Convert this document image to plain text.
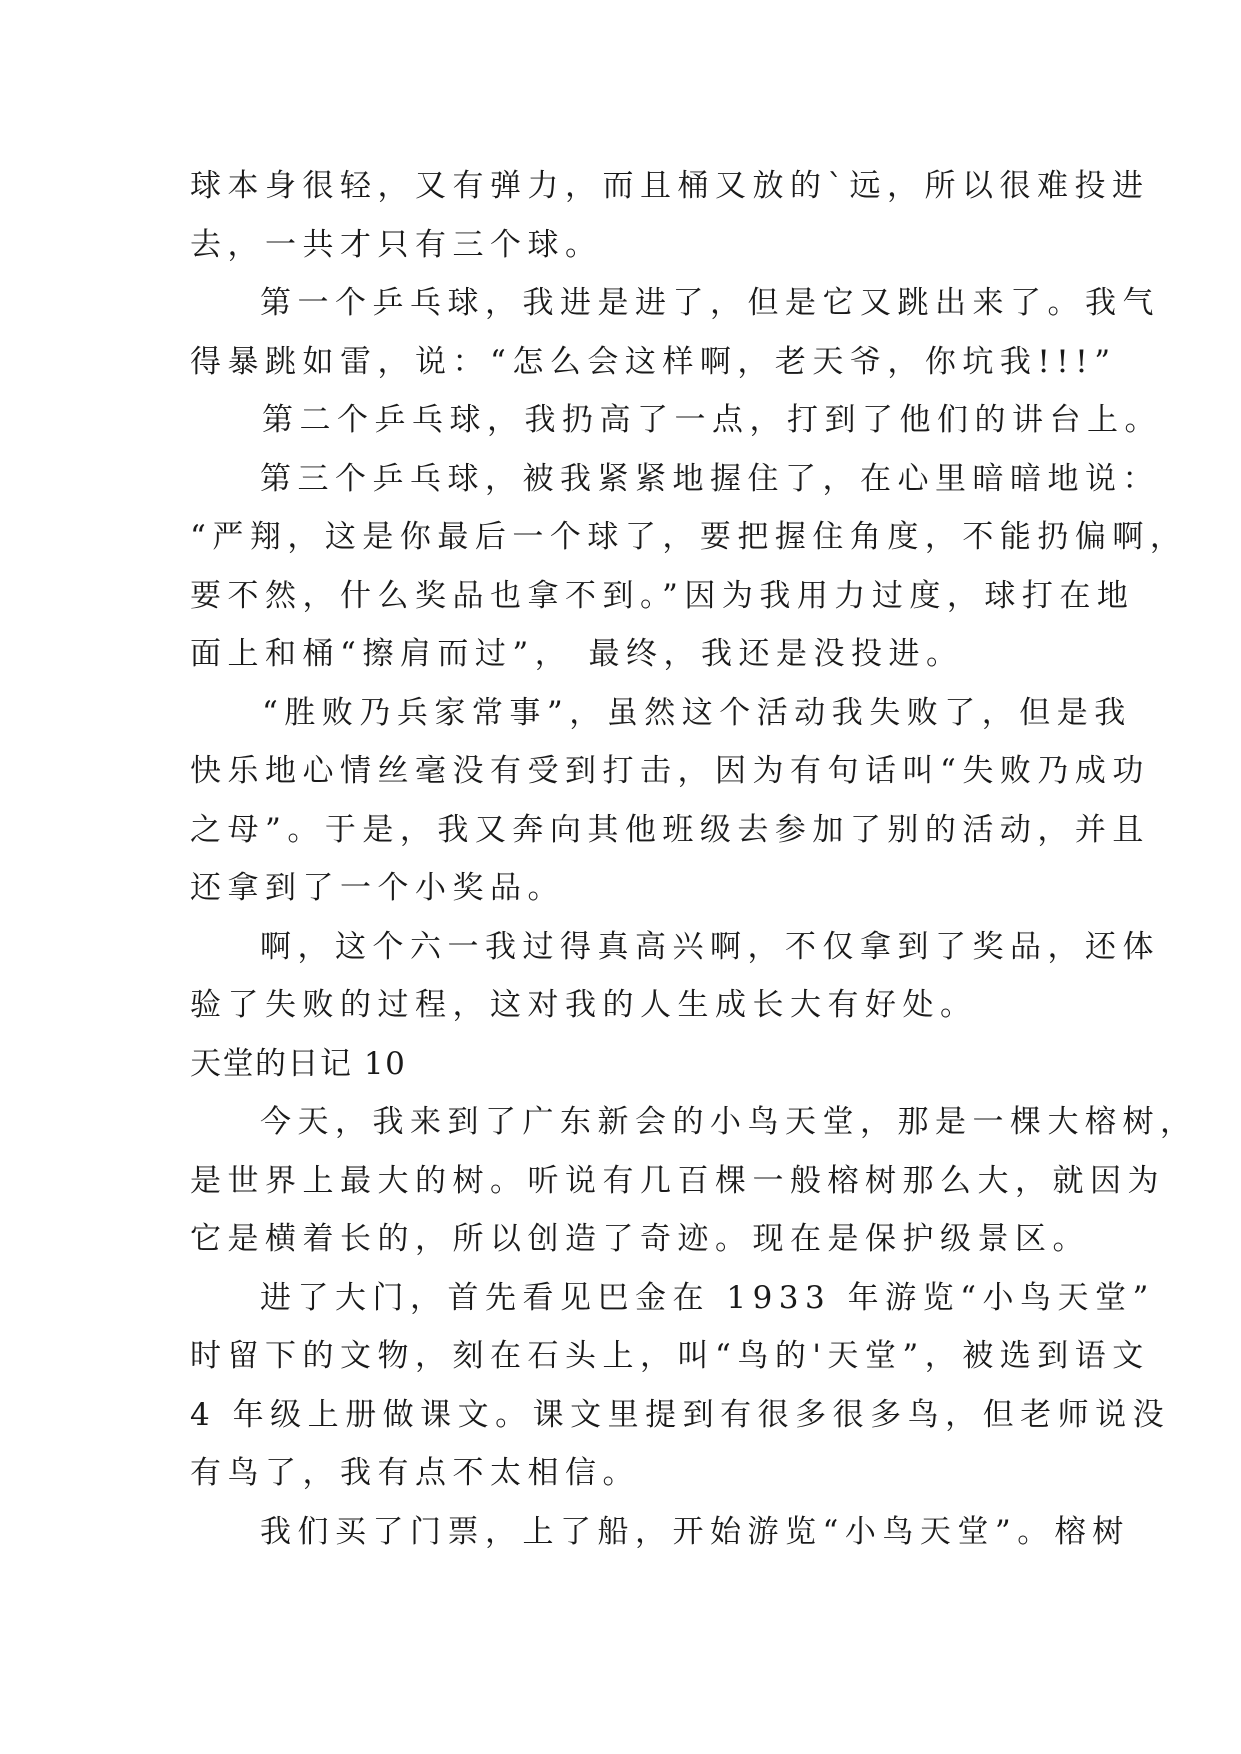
球本身很轻，又有弹力，而且桶又放的`远，所以很难投进
去，一共才只有三个球。
第一个乒乓球，我进是进了，但是它又跳出来了。我气
得暴跳如雷，说：“怎么会这样啊，老天爷，你坑我!!!”
第二个乒乓球，我扔高了一点，打到了他们的讲台上。
第三个乒乓球，被我紧紧地握住了，在心里暗暗地说：
“严翔，这是你最后一个球了，要把握住角度，不能扔偏啊，
要不然，什么奖品也拿不到。”因为我用力过度，球打在地
面上和桶“擦肩而过”， 最终，我还是没投进。
“胜败乃兵家常事”，虽然这个活动我失败了，但是我
快乐地心情丝毫没有受到打击，因为有句话叫“失败乃成功
之母”。于是，我又奔向其他班级去参加了别的活动，并且
还拿到了一个小奖品。
啊，这个六一我过得真高兴啊，不仅拿到了奖品，还体
验了失败的过程，这对我的人生成长大有好处。
天堂的日记 10
今天，我来到了广东新会的小鸟天堂，那是一棵大榕树，
是世界上最大的树。听说有几百棵一般榕树那么大，就因为
它是横着长的，所以创造了奇迹。现在是保护级景区。
进了大门，首先看见巴金在 1933 年游览“小鸟天堂”
时留下的文物，刻在石头上，叫“鸟的'天堂”，被选到语文
4 年级上册做课文。课文里提到有很多很多鸟，但老师说没
有鸟了，我有点不太相信。
我们买了门票，上了船，开始游览“小鸟天堂”。榕树
